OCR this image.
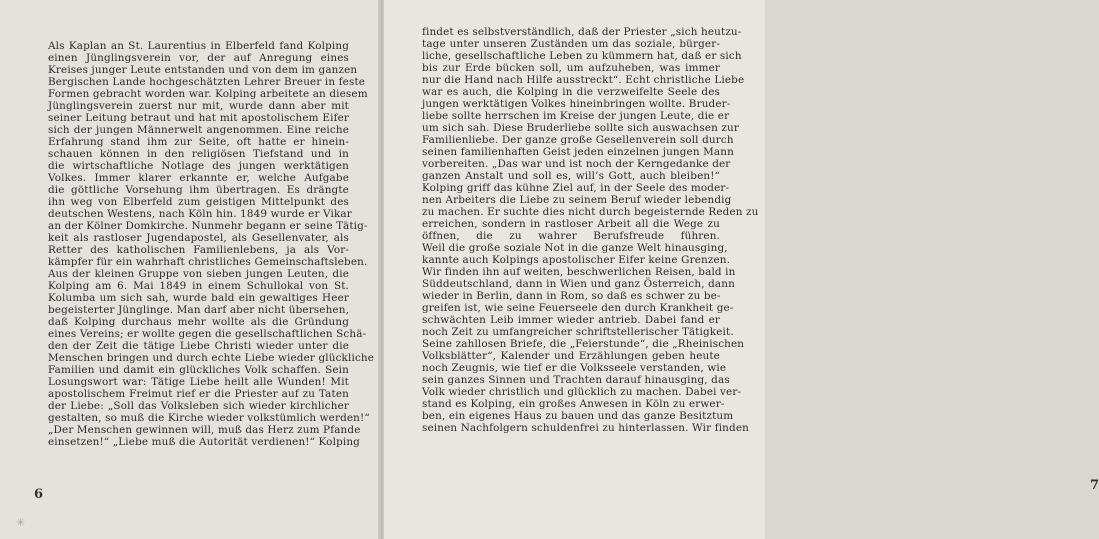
Als Kaplan an St. Laurentius in Elberfeld fand Kolping
einen Jünglingsverein vor, der auf Anregung eines
Kreises junger Leute entstanden und von dem im ganzen
Bergischen Lande hochgeschätzten Lehrer Breuer in feste
Formen gebracht worden war. Kolping arbeitete an diesem
Jünglingsverein zuerst nur mit, wurde dann aber mit
seiner Leitung betraut und hat mit apostolischem Eifer
sich der jungen Männerwelt angenommen. Eine reiche
Erfahrung stand ihm zur Seite, oft hatte er hinein-
schauen können in den religiösen Tiefstand und in
die wirtschaftliche Notlage des jungen werktätigen
Volkes. Immer klarer erkannte er, welche Aufgabe
die göttliche Vorsehung ihm übertragen. Es drängte
ihn weg von Elberfeld zum geistigen Mittelpunkt des
deutschen Westens, nach Köln hin. 1849 wurde er Vikar
an der Kölner Domkirche. Nunmehr begann er seine Tätig-
keit als rastloser Jugendapostel, als Gesellenvater, als
Retter des katholischen Familienlebens, ja als Vor-
kämpfer für ein wahrhaft christliches Gemeinschaftsleben.
Aus der kleinen Gruppe von sieben jungen Leuten, die
Kolping am 6. Mai 1849 in einem Schullokal von St.
Kolumba um sich sah, wurde bald ein gewaltiges Heer
begeisterter Jünglinge. Man darf aber nicht übersehen,
daß Kolping durchaus mehr wollte als die Gründung
eines Vereins; er wollte gegen die gesellschaftlichen Schä-
den der Zeit die tätige Liebe Christi wieder unter die
Menschen bringen und durch echte Liebe wieder glückliche
Familien und damit ein glückliches Volk schaffen. Sein
Losungswort war: Tätige Liebe heilt alle Wunden! Mit
apostolischem Freimut rief er die Priester auf zu Taten
der Liebe: „Soll das Volksleben sich wieder kirchlicher
gestalten, so muß die Kirche wieder volkstümlich werden!“
„Der Menschen gewinnen will, muß das Herz zum Pfande
einsetzen!“ „Liebe muß die Autorität verdienen!“ Kolping
6
✳
findet es selbstverständlich, daß der Priester „sich heutzu-
tage unter unseren Zuständen um das soziale, bürger-
liche, gesellschaftliche Leben zu kümmern hat, daß er sich
bis zur Erde bücken soll, um aufzuheben, was immer
nur die Hand nach Hilfe ausstreckt“. Echt christliche Liebe
war es auch, die Kolping in die verzweifelte Seele des
jungen werktätigen Volkes hineinbringen wollte. Bruder-
liebe sollte herrschen im Kreise der jungen Leute, die er
um sich sah. Diese Bruderliebe sollte sich auswachsen zur
Familienliebe. Der ganze große Gesellenverein soll durch
seinen familienhaften Geist jeden einzelnen jungen Mann
vorbereiten. „Das war und ist noch der Kerngedanke der
ganzen Anstalt und soll es, will’s Gott, auch bleiben!“
Kolping griff das kühne Ziel auf, in der Seele des moder-
nen Arbeiters die Liebe zu seinem Beruf wieder lebendig
zu machen. Er suchte dies nicht durch begeisternde Reden zu
erreichen, sondern in rastloser Arbeit all die Wege zu
öffnen, die zu wahrer Berufsfreude führen.
Weil die große soziale Not in die ganze Welt hinausging,
kannte auch Kolpings apostolischer Eifer keine Grenzen.
Wir finden ihn auf weiten, beschwerlichen Reisen, bald in
Süddeutschland, dann in Wien und ganz Österreich, dann
wieder in Berlin, dann in Rom, so daß es schwer zu be-
greifen ist, wie seine Feuerseele den durch Krankheit ge-
schwächten Leib immer wieder antrieb. Dabei fand er
noch Zeit zu umfangreicher schriftstellerischer Tätigkeit.
Seine zahllosen Briefe, die „Feierstunde“, die „Rheinischen
Volksblätter“, Kalender und Erzählungen geben heute
noch Zeugnis, wie tief er die Volksseele verstanden, wie
sein ganzes Sinnen und Trachten darauf hinausging, das
Volk wieder christlich und glücklich zu machen. Dabei ver-
stand es Kolping, ein großes Anwesen in Köln zu erwer-
ben, ein eigenes Haus zu bauen und das ganze Besitztum
seinen Nachfolgern schuldenfrei zu hinterlassen. Wir finden
7
